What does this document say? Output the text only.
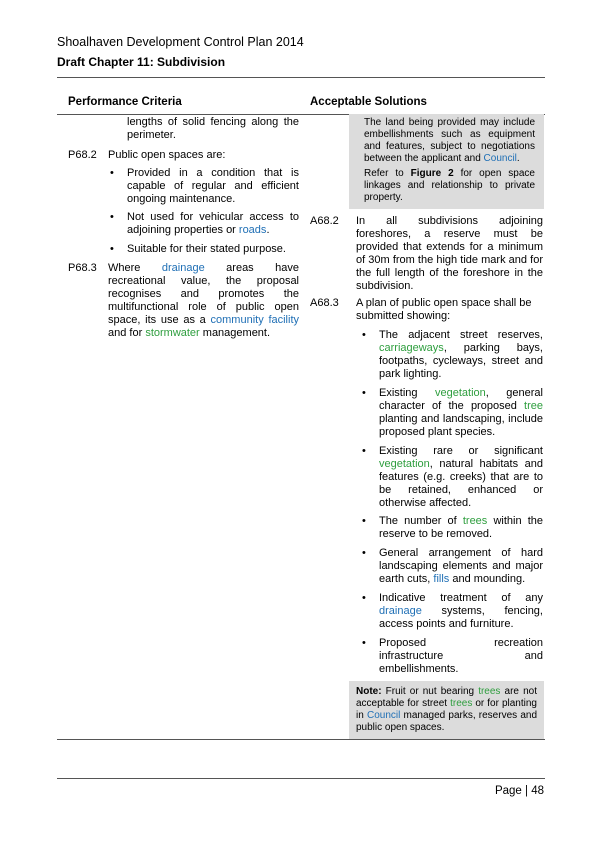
Shoalhaven Development Control Plan 2014
Draft Chapter 11: Subdivision
Performance Criteria	Acceptable Solutions
lengths of solid fencing along the perimeter.
P68.2 Public open spaces are:
• Provided in a condition that is capable of regular and efficient ongoing maintenance.
• Not used for vehicular access to adjoining properties or roads.
• Suitable for their stated purpose.
P68.3 Where drainage areas have recreational value, the proposal recognises and promotes the multifunctional role of public open space, its use as a community facility and for stormwater management.
The land being provided may include embellishments such as equipment and features, subject to negotiations between the applicant and Council.
Refer to Figure 2 for open space linkages and relationship to private property.
A68.2 In all subdivisions adjoining foreshores, a reserve must be provided that extends for a minimum of 30m from the high tide mark and for the full length of the foreshore in the subdivision.
A68.3 A plan of public open space shall be submitted showing:
• The adjacent street reserves, carriageways, parking bays, footpaths, cycleways, street and park lighting.
• Existing vegetation, general character of the proposed tree planting and landscaping, include proposed plant species.
• Existing rare or significant vegetation, natural habitats and features (e.g. creeks) that are to be retained, enhanced or otherwise affected.
• The number of trees within the reserve to be removed.
• General arrangement of hard landscaping elements and major earth cuts, fills and mounding.
• Indicative treatment of any drainage systems, fencing, access points and furniture.
• Proposed recreation infrastructure and embellishments.
Note: Fruit or nut bearing trees are not acceptable for street trees or for planting in Council managed parks, reserves and public open spaces.
Page | 48
